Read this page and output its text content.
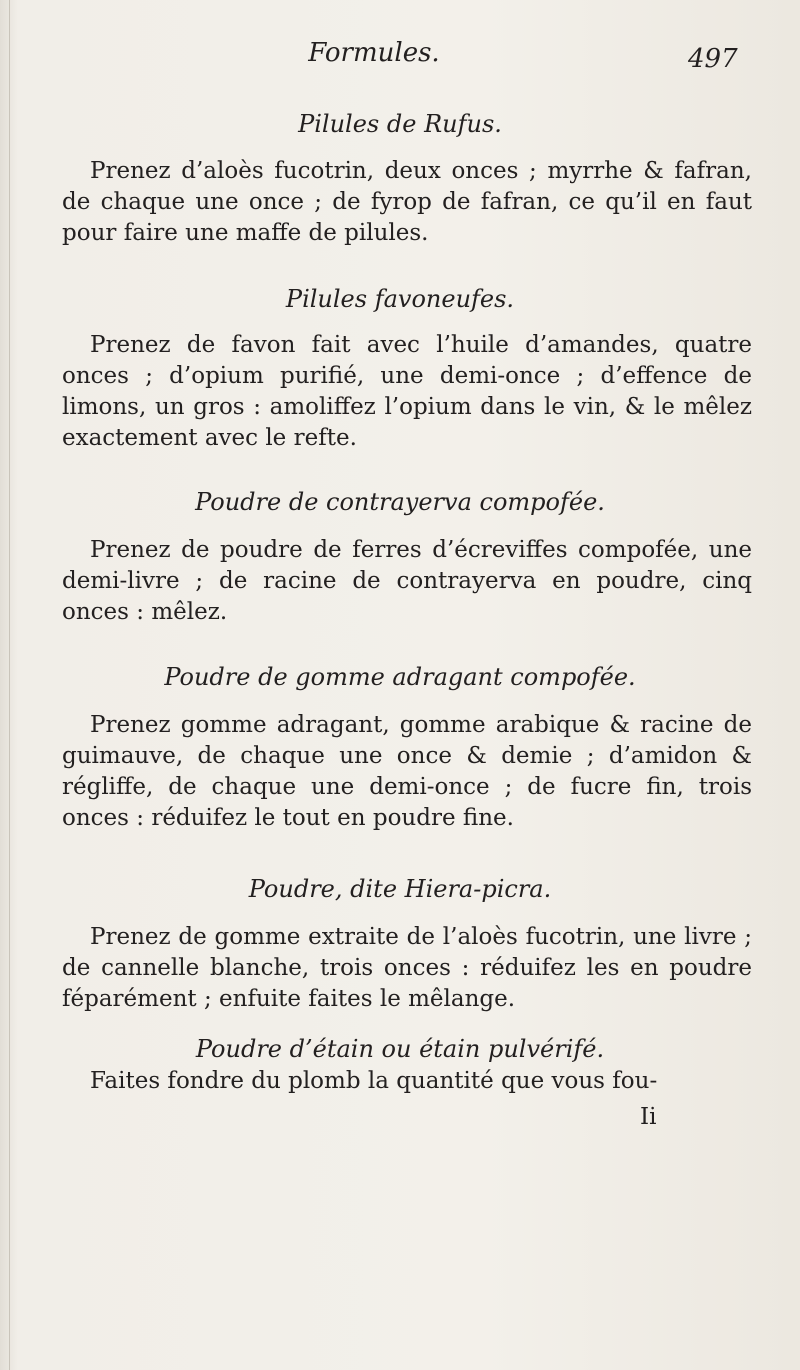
Formules.	497
Pilules de Rufus.
Prenez d’aloès fucotrin, deux onces ; myrrhe & fafran, de chaque une once ; de fyrop de fafran, ce qu’il en faut pour faire une maffe de pilules.
Pilules favoneufes.
Prenez de favon fait avec l’huile d’amandes, quatre onces ; d’opium purifié, une demi-once ; d’effence de limons, un gros : amoliffez l’opium dans le vin, & le mêlez exactement avec le refte.
Poudre de contrayerva compofée.
Prenez de poudre de ferres d’écreviffes compofée, une demi-livre ; de racine de contrayerva en poudre, cinq onces : mêlez.
Poudre de gomme adragant compofée.
Prenez gomme adragant, gomme arabique & racine de guimauve, de chaque une once & demie ; d’amidon & régliffe, de chaque une demi-once ; de fucre fin, trois onces : réduifez le tout en poudre fine.
Poudre, dite Hiera-picra.
Prenez de gomme extraite de l’aloès fucotrin, une livre ; de cannelle blanche, trois onces : réduifez les en poudre féparément ; enfuite faites le mêlange.
Poudre d’étain ou étain pulvérifé.
Faites fondre du plomb la quantité que vous fou-
Ii
